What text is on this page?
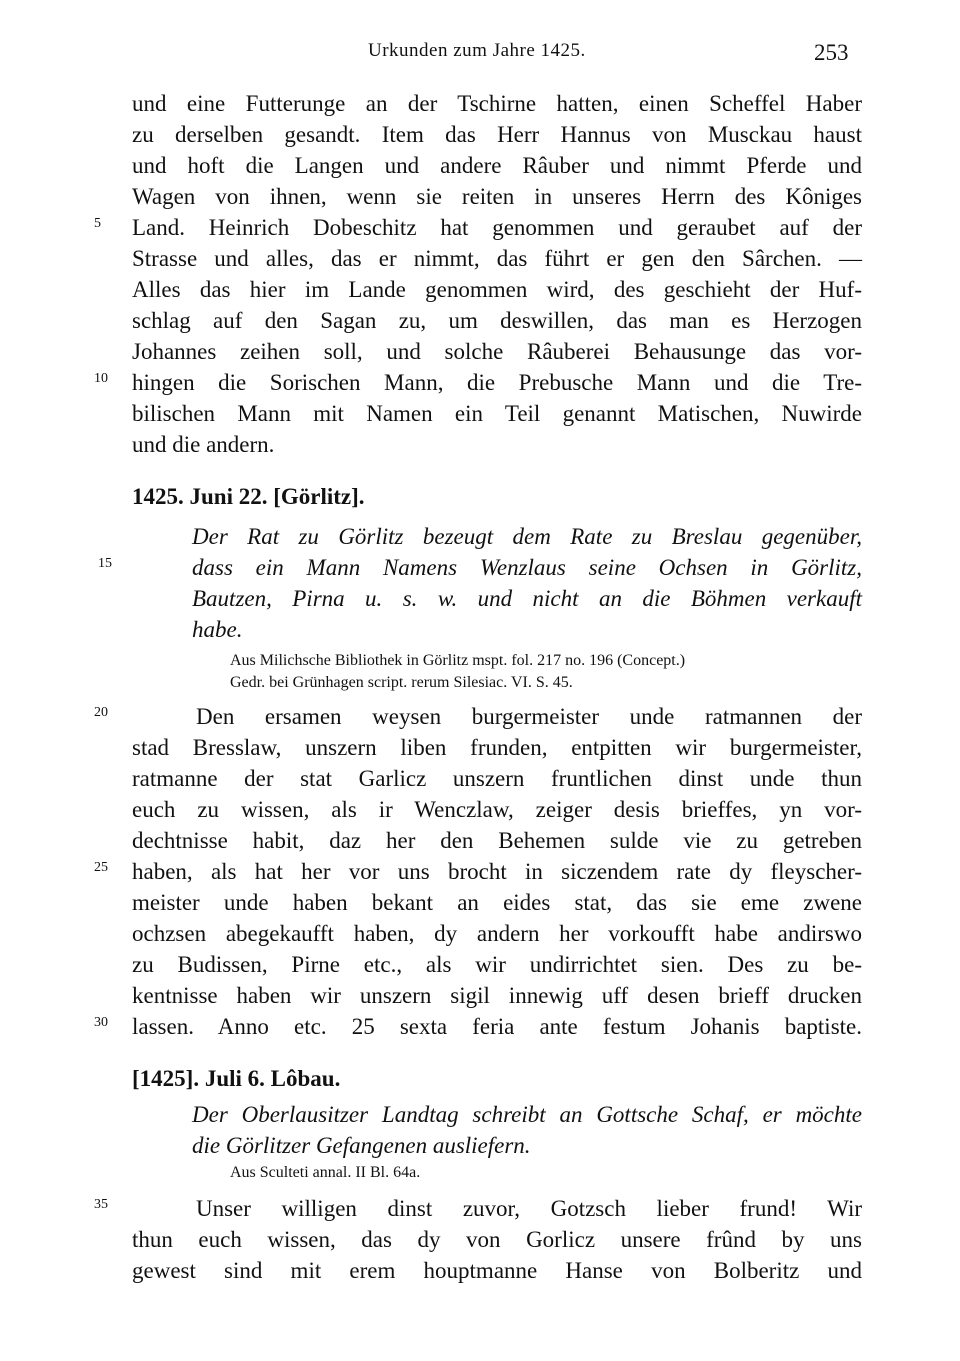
Urkunden zum Jahre 1425.	253
und eine Futterunge an der Tschirne hatten, einen Scheffel Haber
zu derselben gesandt. Item das Herr Hannus von Musckau haust
und hoft die Langen und andere Râuber und nimmt Pferde und
Wagen von ihnen, wenn sie reiten in unseres Herrn des Kôniges
5 Land. Heinrich Dobeschitz hat genommen und geraubet auf der
Strasse und alles, das er nimmt, das führt er gen den Sârchen. —
Alles das hier im Lande genommen wird, des geschieht der Huf-
schlag auf den Sagan zu, um deswillen, das man es Herzogen
Johannes zeihen soll, und solche Râuberei Behausunge das vor-
10 hingen die Sorischen Mann, die Prebusche Mann und die Tre-
bilischen Mann mit Namen ein Teil genannt Matischen, Nuwirde
und die andern.
1425. Juni 22. [Görlitz].
Der Rat zu Görlitz bezeugt dem Rate zu Breslau gegenüber,
dass ein Mann Namens Wenzlaus seine Ochsen in Görlitz,
Bautzen, Pirna u. s. w. und nicht an die Böhmen verkauft
habe.
15
Aus Milichsche Bibliothek in Görlitz mspt. fol. 217 no. 196 (Concept.)
Gedr. bei Grünhagen script. rerum Silesiac. VI. S. 45.
20	Den ersamen weysen burgermeister unde ratmannen der
stad Bresslaw, unszern liben frunden, entpitten wir burgermeister,
ratmanne der stat Garlicz unszern fruntlichen dinst unde thun
euch zu wissen, als ir Wenczlaw, zeiger desis brieffes, yn vor-
dechtnisse habit, daz her den Behemen sulde vie zu getreben
25 haben, als hat her vor uns brocht in siczendem rate dy fleyscher-
meister unde haben bekant an eides stat, das sie eme zwene
ochzsen abegekaufft haben, dy andern her vorkoufft habe andirswo
zu Budissen, Pirne etc., als wir undirrichtet sien. Des zu be-
kentnisse haben wir unszern sigil innewig uff desen brieff drucken
30 lassen. Anno etc. 25 sexta feria ante festum Johanis baptiste.
[1425]. Juli 6. Lôbau.
Der Oberlausitzer Landtag schreibt an Gottsche Schaf, er möchte
die Görlitzer Gefangenen ausliefern.
Aus Sculteti annal. II Bl. 64a.
35	Unser willigen dinst zuvor, Gotzsch lieber frund! Wir
thun euch wissen, das dy von Gorlicz unsere frûnd by uns
gewest sind mit erem houptmanne Hanse von Bolberitz und
